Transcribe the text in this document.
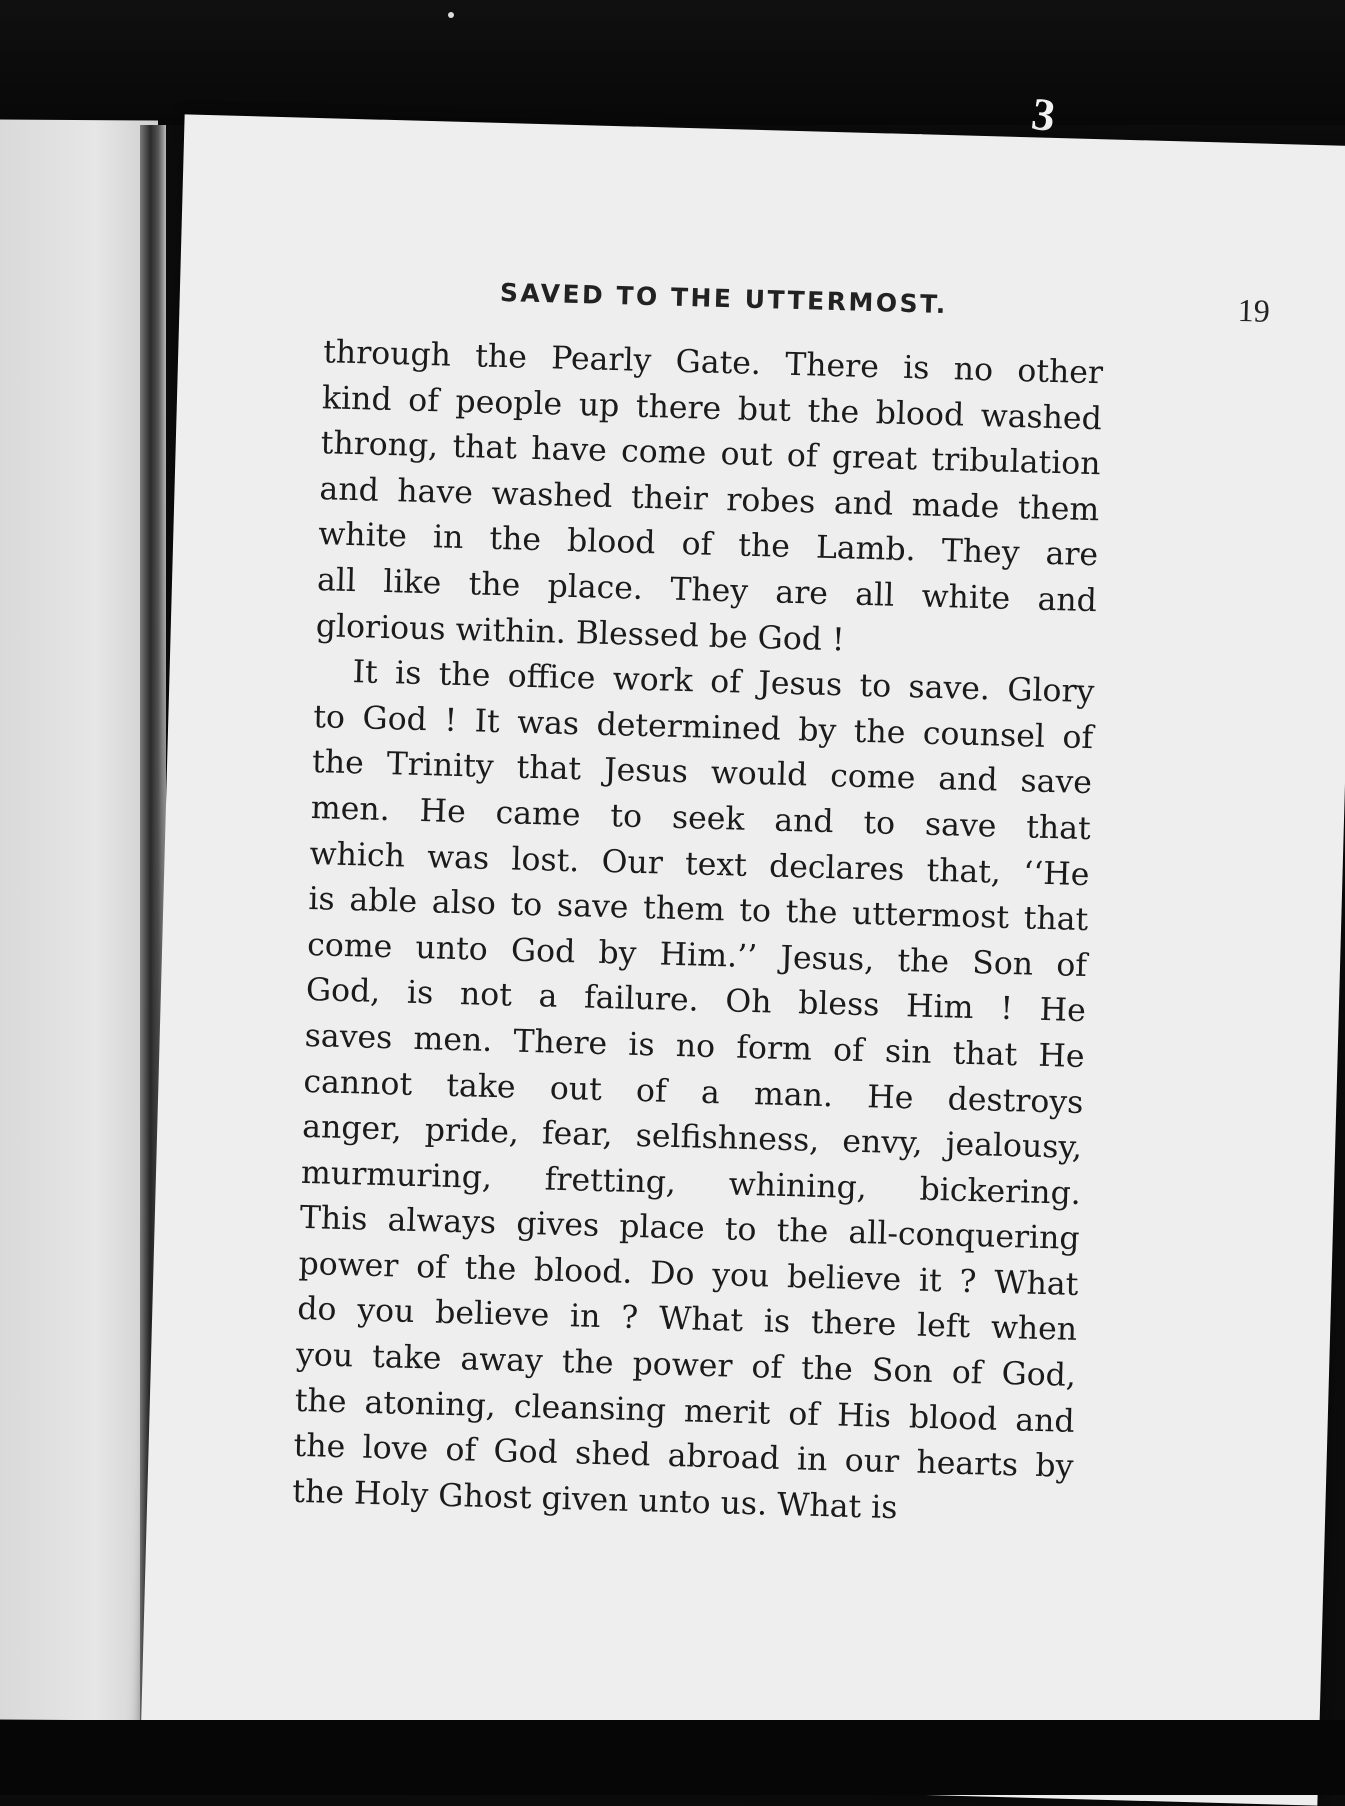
3
SAVED TO THE UTTERMOST.	19
through the Pearly Gate. There is no other
kind of people up there but the blood washed
throng, that have come out of great tribulation
and have washed their robes and made them
white in the blood of the Lamb. They are
all like the place. They are all white and
glorious within. Blessed be God !
It is the office work of Jesus to save. Glory
to God ! It was determined by the counsel of
the Trinity that Jesus would come and save
men. He came to seek and to save that
which was lost. Our text declares that, ‘‘He
is able also to save them to the uttermost that
come unto God by Him.’’ Jesus, the Son of
God, is not a failure. Oh bless Him ! He
saves men. There is no form of sin that He
cannot take out of a man. He destroys
anger, pride, fear, selfishness, envy, jealousy,
murmuring, fretting, whining, bickering.
This always gives place to the all-conquering
power of the blood. Do you believe it ? What
do you believe in ? What is there left when
you take away the power of the Son of God,
the atoning, cleansing merit of His blood and
the love of God shed abroad in our hearts by
the Holy Ghost given unto us. What is
